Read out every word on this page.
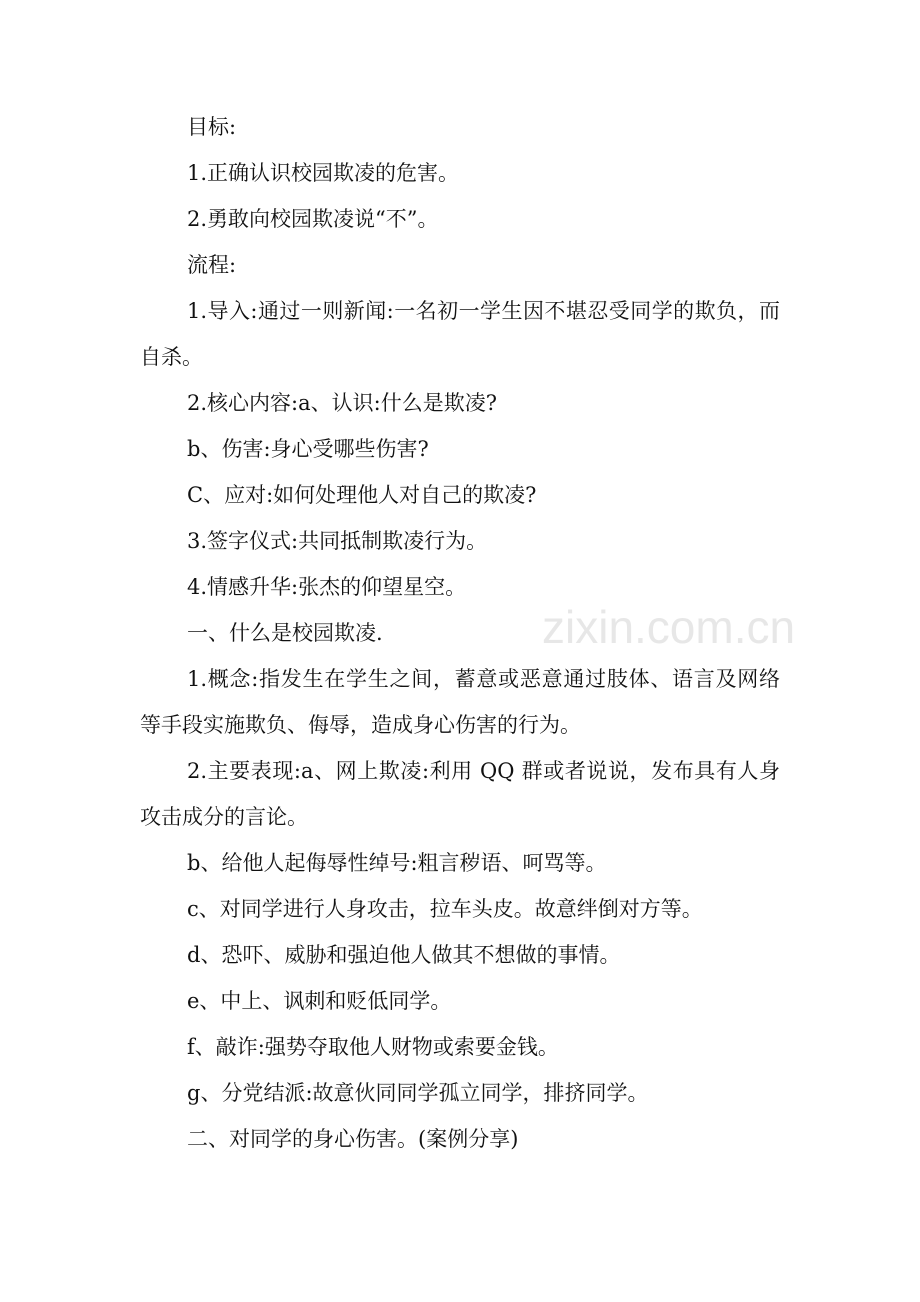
目标:

1.正确认识校园欺凌的危害。

2.勇敢向校园欺凌说“不”。

流程:

1.导入:通过一则新闻:一名初一学生因不堪忍受同学的欺负，而自杀。

2.核心内容:a、认识:什么是欺凌?

b、伤害:身心受哪些伤害?

C、应对:如何处理他人对自己的欺凌?

3.签字仪式:共同抵制欺凌行为。

4.情感升华:张杰的仰望星空。

一、什么是校园欺凌.

1.概念:指发生在学生之间，蓄意或恶意通过肢体、语言及网络等手段实施欺负、侮辱，造成身心伤害的行为。

2.主要表现:a、网上欺凌:利用 QQ 群或者说说，发布具有人身攻击成分的言论。

b、给他人起侮辱性绰号:粗言秽语、呵骂等。

c、对同学进行人身攻击，拉车头皮。故意绊倒对方等。

d、恐吓、威胁和强迫他人做其不想做的事情。

e、中上、讽刺和贬低同学。

f、敲诈:强势夺取他人财物或索要金钱。

g、分党结派:故意伙同同学孤立同学，排挤同学。

二、对同学的身心伤害。(案例分享)

zixin.com.cn
